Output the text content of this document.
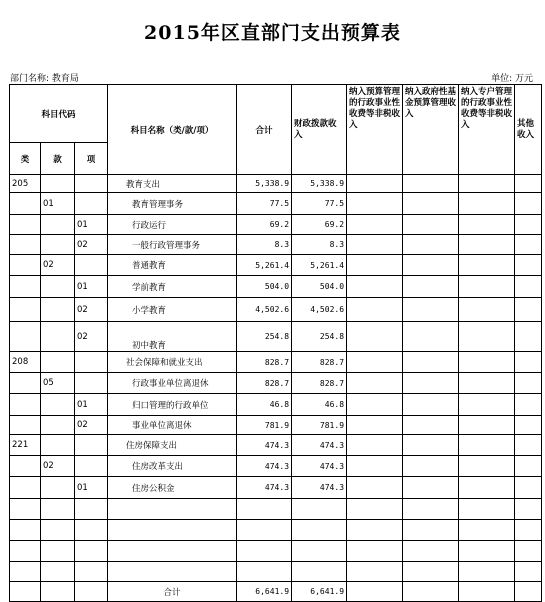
2015年区直部门支出预算表
部门名称: 教育局	单位: 万元
科目代码			科目名称（类/款/项）	合计	财政拨款收入	纳入预算管理的行政事业性收费等非税收入	纳入政府性基金预算管理收入	纳入专户管理的行政事业性收费等非税收入	其他收入
类	款	项							
205			教育支出	5,338.9	5,338.9				
	01		教育管理事务	77.5	77.5				
		01	行政运行	69.2	69.2				
		02	一般行政管理事务	8.3	8.3				
	02		普通教育	5,261.4	5,261.4				
		01	学前教育	504.0	504.0				
		02	小学教育	4,502.6	4,502.6				
		02	初中教育	254.8	254.8				
208			社会保障和就业支出	828.7	828.7				
	05		行政事业单位离退休	828.7	828.7				
		01	归口管理的行政单位	46.8	46.8				
		02	事业单位离退休	781.9	781.9				
221			住房保障支出	474.3	474.3				
	02		住房改革支出	474.3	474.3				
		01	住房公积金	474.3	474.3				

			合计	6,641.9	6,641.9				
